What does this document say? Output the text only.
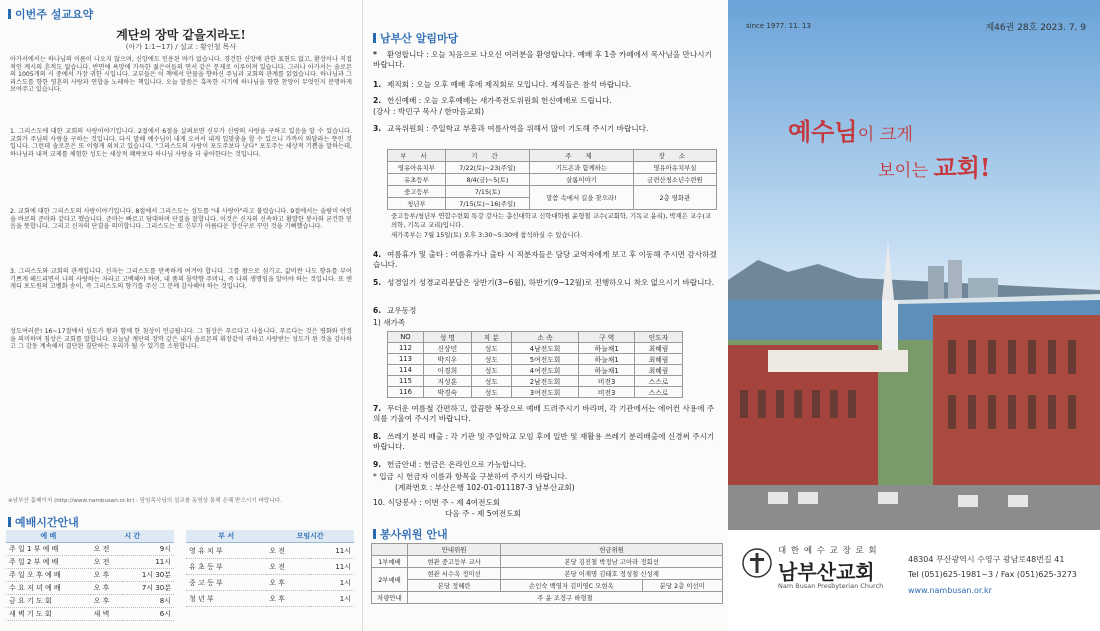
이번주 설교요약
계단의 장막 같을지라도!
(아가 1:1~17) / 설교 : 황인철 목사

아가서에서는 하나님의 이름이 나오지 않으며, 신앙에도 인용된 바가 없습니다. 경건한 신앙에 관한 표현도 없고, 환상이나 직접적인 계시의 흔적도 없습니다. 반면에 욕망에 가득한 젊은이들의 연서 같은 문제로 이루어져 있습니다. 그러나 아가서는 솔로몬의 1005개의 시 중에서 가장 귀한 시입니다. 교부들은 이 책에서 만물을 향하신 주님과 교회의 관계를 읽었습니다. 하나님과 그리스도를 향한 영혼의 사랑과 연합을 노래하는 책입니다. 오늘 말씀은 혹독한 시기에 하나님을 향한 찬양이 무엇인지 분명하게 보여주고 있습니다.

1. 그리스도에 대한 교회의 사랑이야기입니다. 2절에서 6절을 살펴보면 신부가 신랑의 사랑을 구하고 있음을 알 수 있습니다. 교회가 주님의 사랑을 구하는 것입니다. 다시 말해 예수님이 내게 오셔서 내게 입맞춤을 할 수 있으니 가까이 와달라는 뜻인 것입니다. 그런데 솔로몬은 또 이렇게 외치고 있습니다. "그리스도의 사랑이 포도주보다 낫다" 포도주는 세상적 기쁨을 말하는데, 하나님과 내적 교제를 체험한 성도는 세상적 쾌락보다 하나님 사랑을 더 좋아한다는 것입니다.

2. 교회에 대한 그리스도의 사랑이야기입니다. 8절에서 그리스도는 성도를 "내 사랑아"라고 불렀습니다. 9절에서는 술람미 여인을 바로의 준마와 같다고 했습니다. 준마는 빠르고 담대하며 단결을 잘합니다. 이것은 신자의 신속하고 활발한 봉사와 굳건한 믿음을 뜻합니다. 그리고 신자의 단결을 의미합니다. 그리스도는 또 신부가 아름다운 장신구로 꾸민 것을 기뻐했습니다.

3. 그리스도와 교회의 관계입니다. 신자는 그리스도를 만족하게 여겨야 합니다. 그를 왕으로 섬기고, 값비싼 나도 향유를 부어 기쁘게 해드리면서 나의 사랑하는 자라고 고백해야 하며, 내 품의 몰약향 주머니, 즉 나의 생명임을 알아야 하는 것입니다. 또 엔게디 포도원의 고벨화 송이, 즉 그리스도의 향기를 주신 그 분께 감사해야 하는 것입니다.

성도여러분! 16~17절에서 성도가 왕과 함께 한 침상이 언급됩니다. 그 침상은 푸르다고 나옵니다. 푸르다는 것은 평화와 안정을 의미하며 침상은 교회를 말합니다. 오늘날 계단의 장막 같은 내가 솔로몬의 휘장같이 귀하고 사랑받는 성도가 된 것을 감사하고 그 감동 계속해서 결단된 결단하는 우리가 될 수 있기를 소원합니다.

※남부산 홈페이지 (http://www.nambusan.or.kr) : 담임목사님의 설교를 동영상 통해 은혜 받으시기 바랍니다.
예배시간안내
예 배	시 간	
주 일 1 부 예 배	오 전	9시
주 일 2 부 예 배	오 전	11시
주 일 오 후 예 배	오 후	1시 30분
수 요 저 녁 예 배	오 후	7시 30분
금 요 기 도 회	오 후	8시
새 벽 기 도 회	새 벽	6시
부 서	모임시간	
영 유 치 부	오 전	11시
유 초 등 부	오 전	11시
중 고 등 부	오 후	1시
청 년 부	오 후	1시
남부산 알림마당
* 환영합니다 : 오늘 처음으로 나오신 여러분을 환영합니다. 예배 후 1층 카페에서 목사님을 만나시기 바랍니다.
1. 제직회 : 오늘 오후 예배 후에 제직회로 모입니다. 제직들은 참석 바랍니다.
2. 헌신예배 : 오늘 오후예배는 새가족전도위원회 헌신예배로 드립니다.
(강사 : 박민구 목사 / 한마음교회)
3. 교육위원회 : 주일학교 부흥과 여름사역을 위해서 많이 기도해 주시기 바랍니다.
부 서	기 간	주 제	장 소
영유아유치부	7/22(토)~23(주일)	기드온과 함께하는	영유아유치부실
유초등부	8/4(금)~5(토)	살롬이야기	금련산청소년수련원
중고등부	7/15(토)	말씀 속에서 길을 찾으라!	2층 영화관
청년부	7/15(토)~16(주일)		
중고등부/청년부 연합수련회 특강 강사는 총신대학교 신학대학원 윤형철 교수(교회학, 기독교 윤리), 박재은 교수(교의학, 기독교 교리)입니다.
새가족부는 7월 15일(토) 오후 3:30~5:30에 참석하실 수 있습니다.
4. 여름휴가 및 출타 : 여름휴가나 출타 시 직분자들은 담당 교역자에게 보고 후 이동해 주시면 감사하겠습니다.
5. 성경일기 성경교리문답은 상반기(3~6월), 하반기(9~12월)로 진행하오니 착오 없으시기 바랍니다.
6. 교우동정
1) 새가족
NO	성 명	직 분	소 속	구 역	인도자
112	신상민	성도	4남전도회	하늘채1	최혜림
113	박지우	성도	5여전도회	하늘채1	최혜림
114	이경희	성도	4여전도회	하늘채1	최혜림
115	지성훈	성도	2남전도회	비전3	스스로
116	박경숙	성도	3여전도회	비전3	스스로
7. 무더운 여름철 간편하고, 깔끔한 복장으로 예배 드려주시기 바라며, 각 기관에서는 에어컨 사용에 주의를 기울여 주시기 바랍니다.
8. 쓰레기 분리 배출 : 각 기관 및 주일학교 모임 후에 일반 및 재활용 쓰레기 분리배출에 신경써 주시기 바랍니다.
9. 헌금안내 : 헌금은 온라인으로 가능합니다.
* 입금 시 헌금자 이름과 항목을 구분하여 주시기 바랍니다.
(계좌번호 : 부산은행 102-01-011187-3 남부산교회)
10. 식당봉사 : 이번 주 - 제 4여전도회
다음 주 - 제 5여전도회
봉사위원 안내
	안내위원	헌금위원	
1부예배	현관 중고등부 교사	본당 김진철 박정남 고아라 정회선	
2부예배	현관 서수옥 정미선	본당 이재명 김태호 정성철 신성재	
	본당 정혜란	손인숙 백영자 김미영C 모현옥	분당 2층 이선미
차량안내	주 윤 조정구 하형철		
since 1977. 11. 13	제46권 28호 2023. 7. 9
예수님이 크게
보이는 교회!
대 한 예 수 교 장 로 회
남부산교회
Nam Busan Presbyterian Church
48304 부산광역시 수영구 광남로48번길 41
Tel (051)625-1981~3 / Fax (051)625-3273
www.nambusan.or.kr
